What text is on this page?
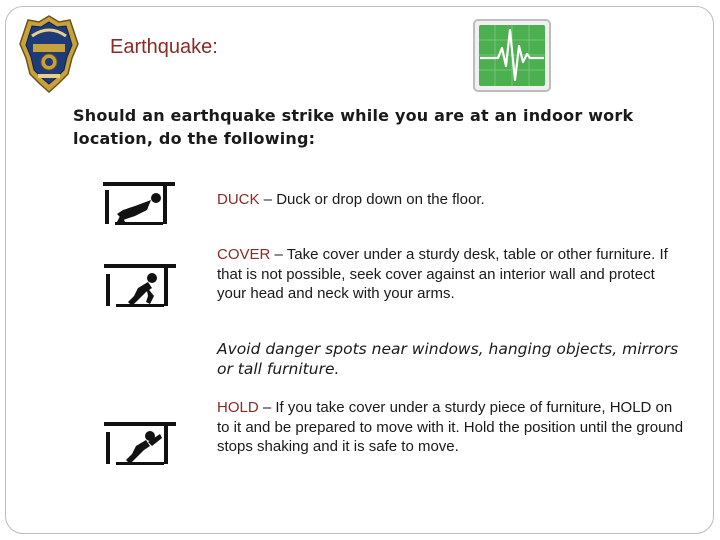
Earthquake:
Should an earthquake strike while you are at an indoor work location, do the following:
DUCK – Duck or drop down on the floor.
COVER – Take cover under a sturdy desk, table or other furniture. If that is not possible, seek cover against an interior wall and protect your head and neck with your arms.
Avoid danger spots near windows, hanging objects, mirrors or tall furniture.
HOLD – If you take cover under a sturdy piece of furniture, HOLD on to it and be prepared to move with it. Hold the position until the ground stops shaking and it is safe to move.
